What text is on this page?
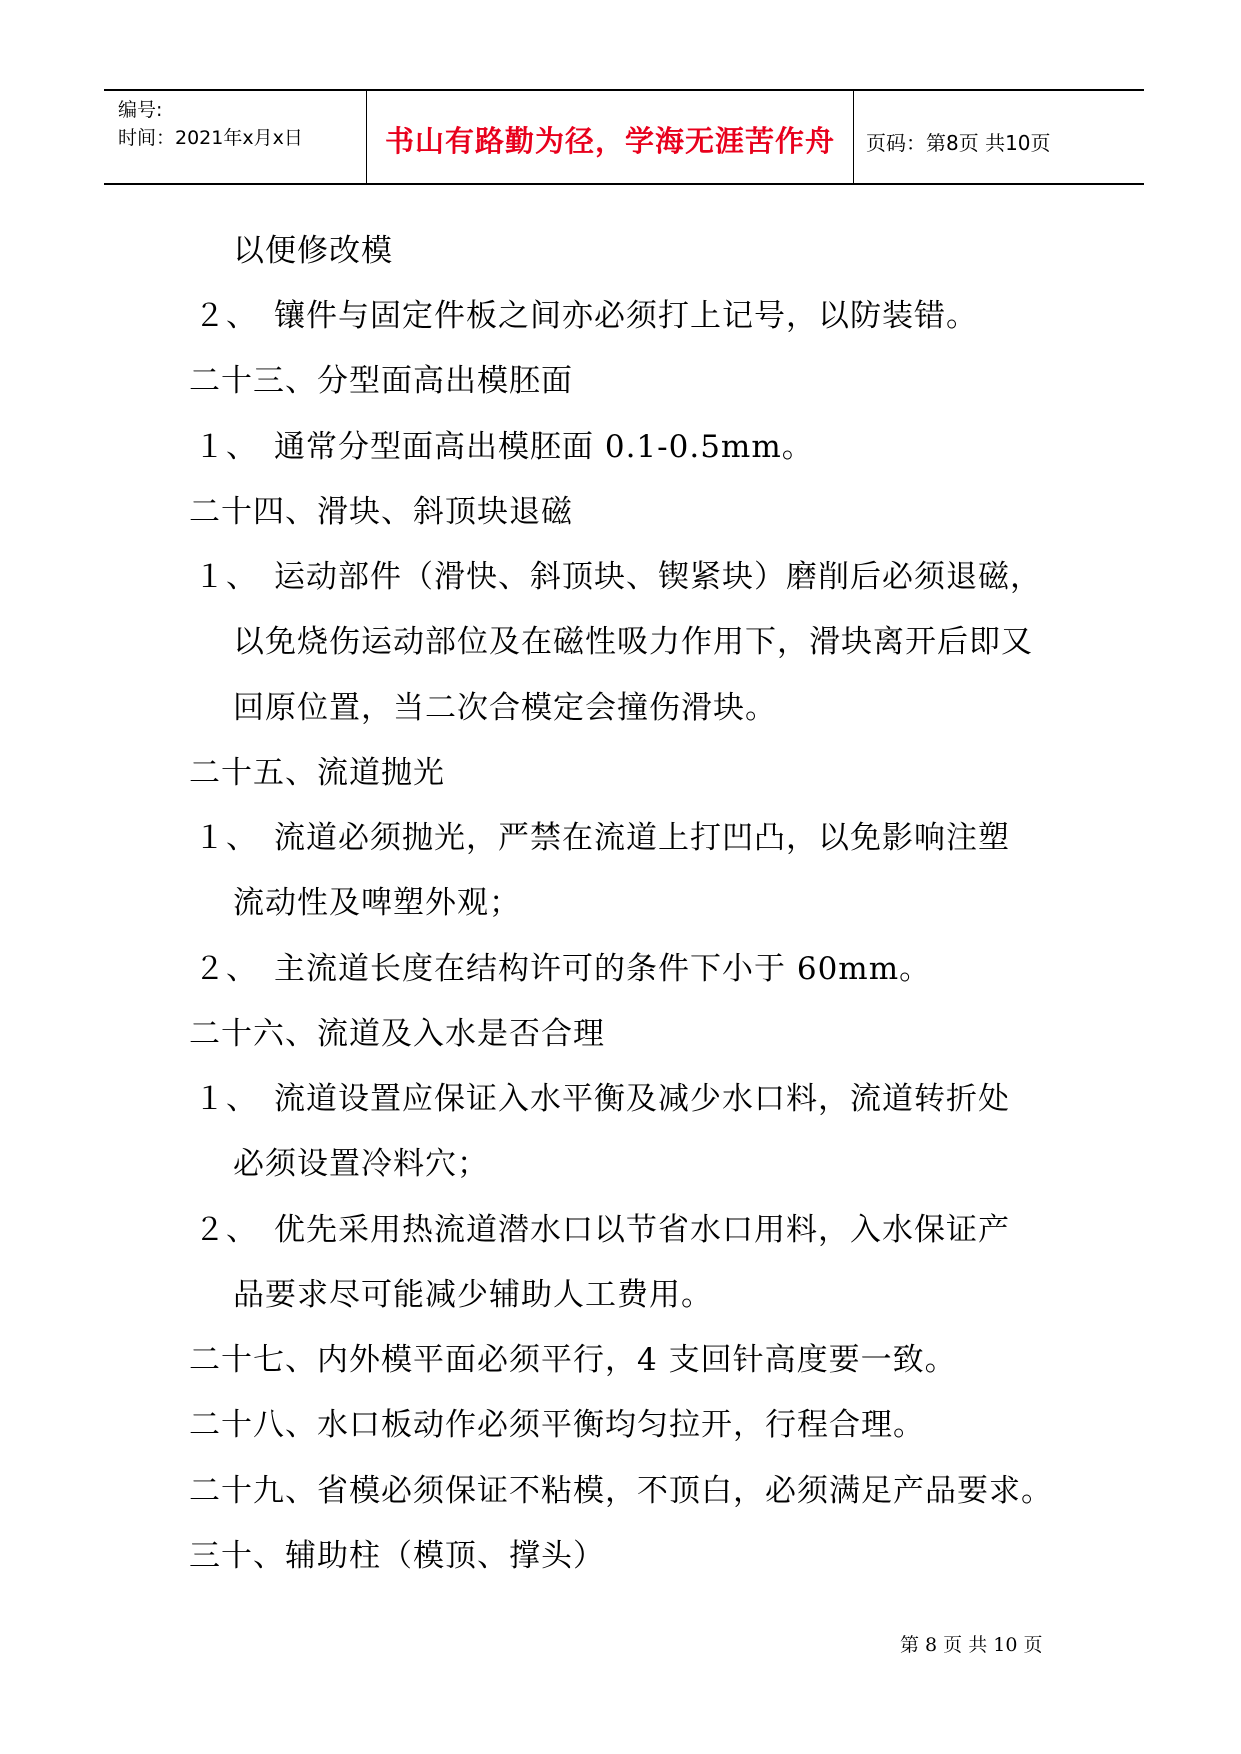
编号:
时间：2021年x月x日	书山有路勤为径，学海无涯苦作舟	页码：第8页 共10页
以便修改模
２、 镶件与固定件板之间亦必须打上记号，以防装错。
二十三、分型面高出模胚面
１、 通常分型面高出模胚面 0.1-0.5mm。
二十四、滑块、斜顶块退磁
１、 运动部件（滑快、斜顶块、锲紧块）磨削后必须退磁，
以免烧伤运动部位及在磁性吸力作用下，滑块离开后即又
回原位置，当二次合模定会撞伤滑块。
二十五、流道抛光
１、 流道必须抛光，严禁在流道上打凹凸，以免影响注塑
流动性及啤塑外观；
２、 主流道长度在结构许可的条件下小于 60mm。
二十六、流道及入水是否合理
１、 流道设置应保证入水平衡及减少水口料，流道转折处
必须设置冷料穴；
２、 优先采用热流道潜水口以节省水口用料，入水保证产
品要求尽可能减少辅助人工费用。
二十七、内外模平面必须平行，4 支回针高度要一致。
二十八、水口板动作必须平衡均匀拉开，行程合理。
二十九、省模必须保证不粘模，不顶白，必须满足产品要求。
三十、辅助柱（模顶、撑头）
第 8 页 共 10 页
